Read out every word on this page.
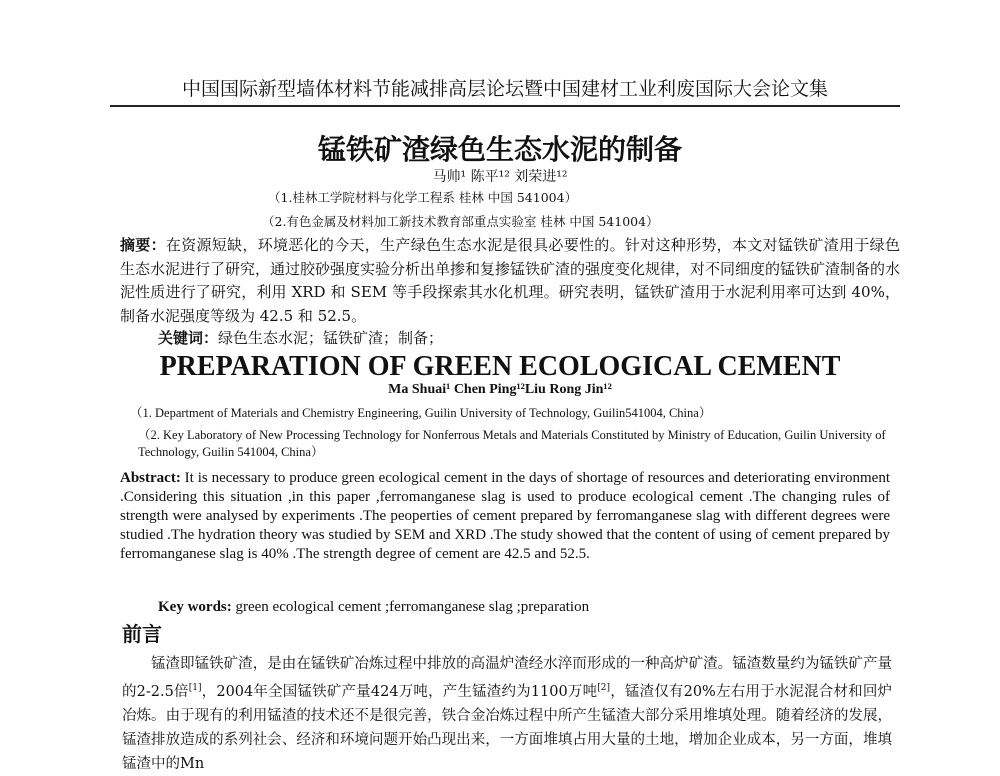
中国国际新型墙体材料节能减排高层论坛暨中国建材工业利废国际大会论文集
锰铁矿渣绿色生态水泥的制备
马帅¹ 陈平¹² 刘荣进¹²
（1.桂林工学院材料与化学工程系 桂林 中国 541004）
（2.有色金属及材料加工新技术教育部重点实验室 桂林 中国 541004）
摘要：在资源短缺，环境恶化的今天，生产绿色生态水泥是很具必要性的。针对这种形势，本文对锰铁矿渣用于绿色生态水泥进行了研究，通过胶砂强度实验分析出单掺和复掺锰铁矿渣的强度变化规律，对不同细度的锰铁矿渣制备的水泥性质进行了研究，利用 XRD 和 SEM 等手段探索其水化机理。研究表明，锰铁矿渣用于水泥利用率可达到 40%，制备水泥强度等级为 42.5 和 52.5。
关键词：绿色生态水泥；锰铁矿渣；制备；
PREPARATION OF GREEN ECOLOGICAL CEMENT
Ma Shuai¹ Chen Ping¹²Liu Rong Jin¹²
（1. Department of Materials and Chemistry Engineering, Guilin University of Technology, Guilin541004, China）
（2. Key Laboratory of New Processing Technology for Nonferrous Metals and Materials Constituted by Ministry of Education, Guilin University of Technology, Guilin 541004, China）
Abstract: It is necessary to produce green ecological cement in the days of shortage of resources and deteriorating environment .Considering this situation ,in this paper ,ferromanganese slag is used to produce ecological cement .The changing rules of strength were analysed by experiments .The peoperties of cement prepared by ferromanganese slag with different degrees were studied .The hydration theory was studied by SEM and XRD .The study showed that the content of using of cement prepared by ferromanganese slag is 40% .The strength degree of cement are 42.5 and 52.5.
Key words: green ecological cement ;ferromanganese slag ;preparation
前言
锰渣即锰铁矿渣，是由在锰铁矿冶炼过程中排放的高温炉渣经水淬而形成的一种高炉矿渣。锰渣数量约为锰铁矿产量的2-2.5倍[1]，2004年全国锰铁矿产量424万吨，产生锰渣约为1100万吨[2]，锰渣仅有20%左右用于水泥混合材和回炉冶炼。由于现有的利用锰渣的技术还不是很完善，铁合金冶炼过程中所产生锰渣大部分采用堆填处理。随着经济的发展，锰渣排放造成的系列社会、经济和环境问题开始凸现出来，一方面堆填占用大量的土地，增加企业成本，另一方面，堆填锰渣中的Mn
